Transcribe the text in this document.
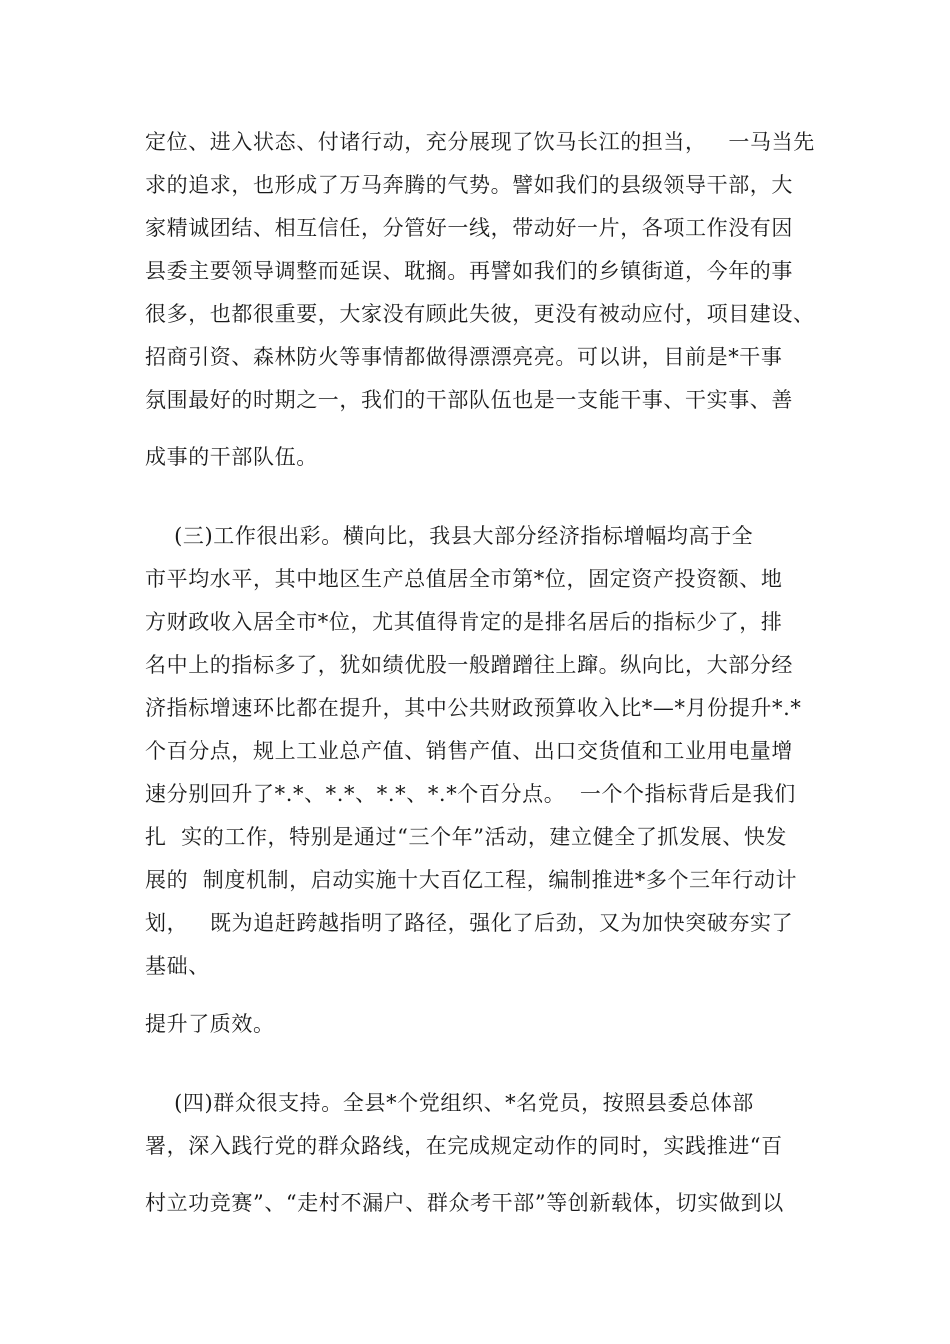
定位、进入状态、付诸行动，充分展现了饮马长江的担当，   一马当先
求的追求，也形成了万马奔腾的气势。譬如我们的县级领导干部，大
家精诚团结、相互信任，分管好一线，带动好一片，各项工作没有因
县委主要领导调整而延误、耽搁。再譬如我们的乡镇街道，今年的事
很多，也都很重要，大家没有顾此失彼，更没有被动应付，项目建设、
招商引资、森林防火等事情都做得漂漂亮亮。可以讲，目前是*干事
氛围最好的时期之一，我们的干部队伍也是一支能干事、干实事、善
成事的干部队伍。
(三)工作很出彩。横向比，我县大部分经济指标增幅均高于全
市平均水平，其中地区生产总值居全市第*位，固定资产投资额、地
方财政收入居全市*位，尤其值得肯定的是排名居后的指标少了，排
名中上的指标多了，犹如绩优股一般蹭蹭往上蹿。纵向比，大部分经
济指标增速环比都在提升，其中公共财政预算收入比*—*月份提升*.*
个百分点，规上工业总产值、销售产值、出口交货值和工业用电量增
速分别回升了*.*、*.*、*.*、*.*个百分点。  一个个指标背后是我们
扎  实的工作，特别是通过“三个年”活动，建立健全了抓发展、快发
展的  制度机制，启动实施十大百亿工程，编制推进*多个三年行动计
划，   既为追赶跨越指明了路径，强化了后劲，又为加快突破夯实了
基础、
提升了质效。
(四)群众很支持。全县*个党组织、*名党员，按照县委总体部
署，深入践行党的群众路线，在完成规定动作的同时，实践推进“百
村立功竞赛”、“走村不漏户、群众考干部”等创新载体，切实做到以
